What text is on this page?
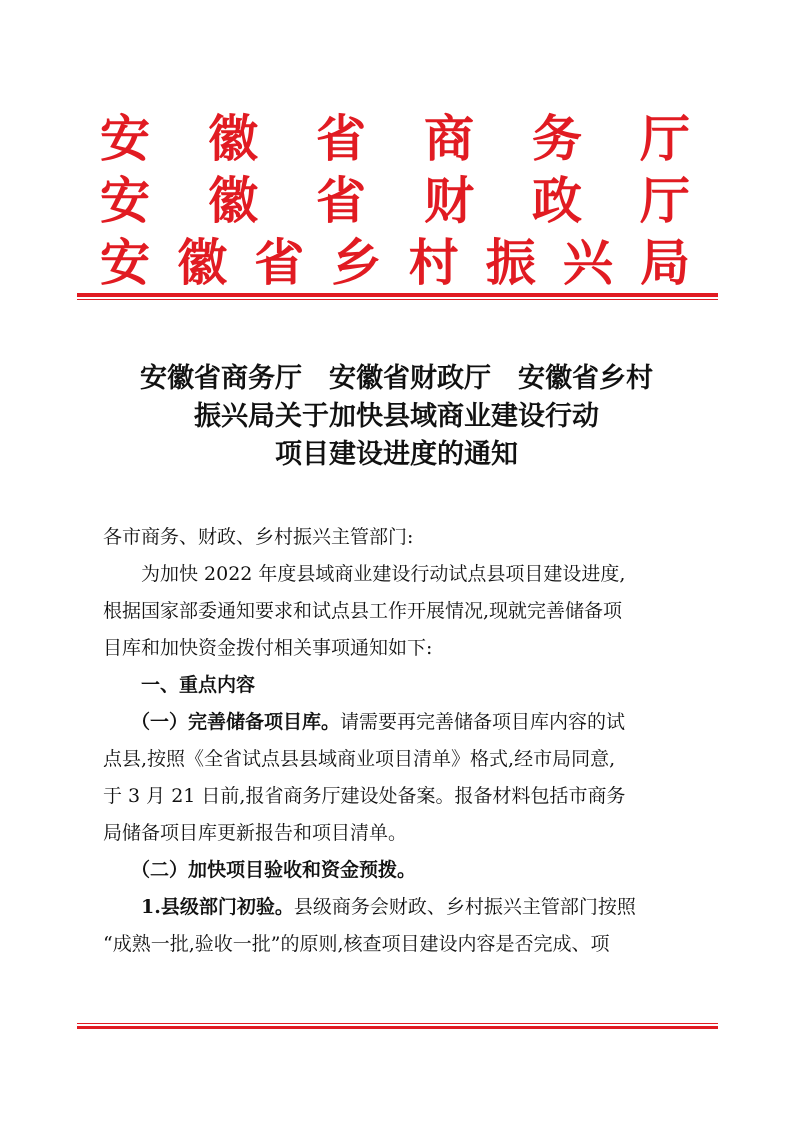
安 徽 省 商 务 厅
安 徽 省 财 政 厅
安 徽 省 乡 村 振 兴 局
安徽省商务厅　安徽省财政厅　安徽省乡村
振兴局关于加快县域商业建设行动
项目建设进度的通知
各市商务、财政、乡村振兴主管部门:
为加快 2022 年度县域商业建设行动试点县项目建设进度,
根据国家部委通知要求和试点县工作开展情况,现就完善储备项
目库和加快资金拨付相关事项通知如下:
一、重点内容
（一）完善储备项目库。请需要再完善储备项目库内容的试
点县,按照《全省试点县县域商业项目清单》格式,经市局同意,
于 3 月 21 日前,报省商务厅建设处备案。报备材料包括市商务
局储备项目库更新报告和项目清单。
（二）加快项目验收和资金预拨。
1.县级部门初验。县级商务会财政、乡村振兴主管部门按照
“成熟一批,验收一批”的原则,核查项目建设内容是否完成、项
